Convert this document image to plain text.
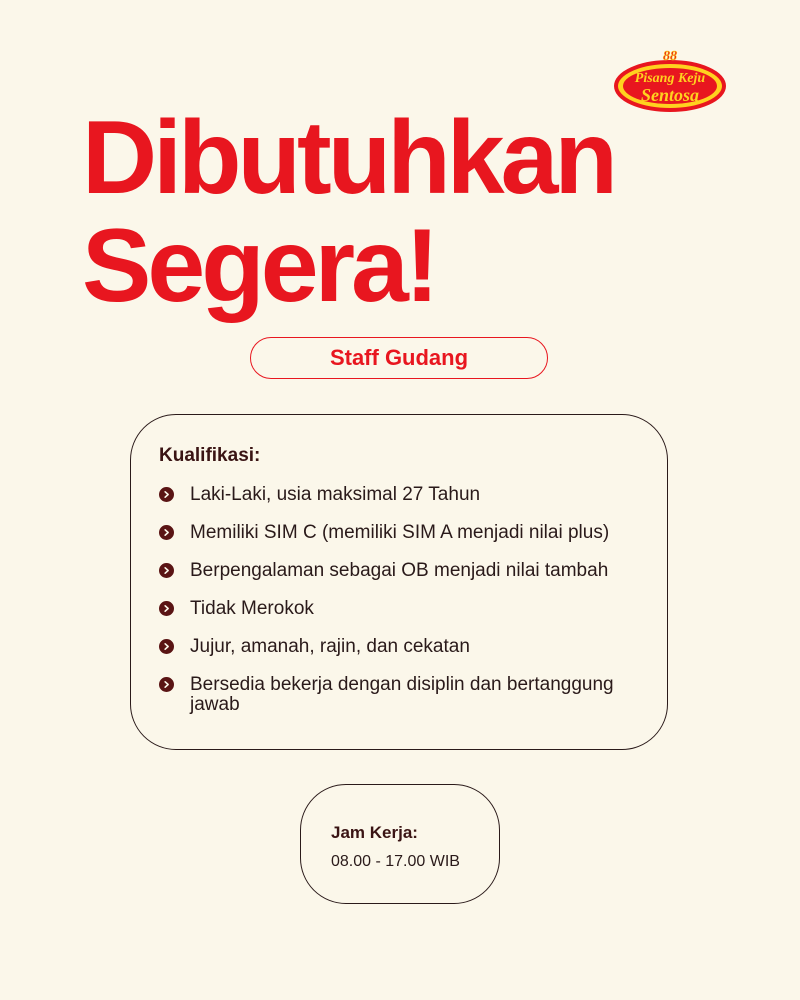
88
Pisang Keju
Sentosa
Dibutuhkan
Segera!
Staff Gudang

Kualifikasi:

Laki-Laki, usia maksimal 27 Tahun
Memiliki SIM C (memiliki SIM A menjadi nilai plus)
Berpengalaman sebagai OB menjadi nilai tambah
Tidak Merokok
Jujur, amanah, rajin, dan cekatan
Bersedia bekerja dengan disiplin dan bertanggung jawab

Jam Kerja:

08.00 - 17.00 WIB
